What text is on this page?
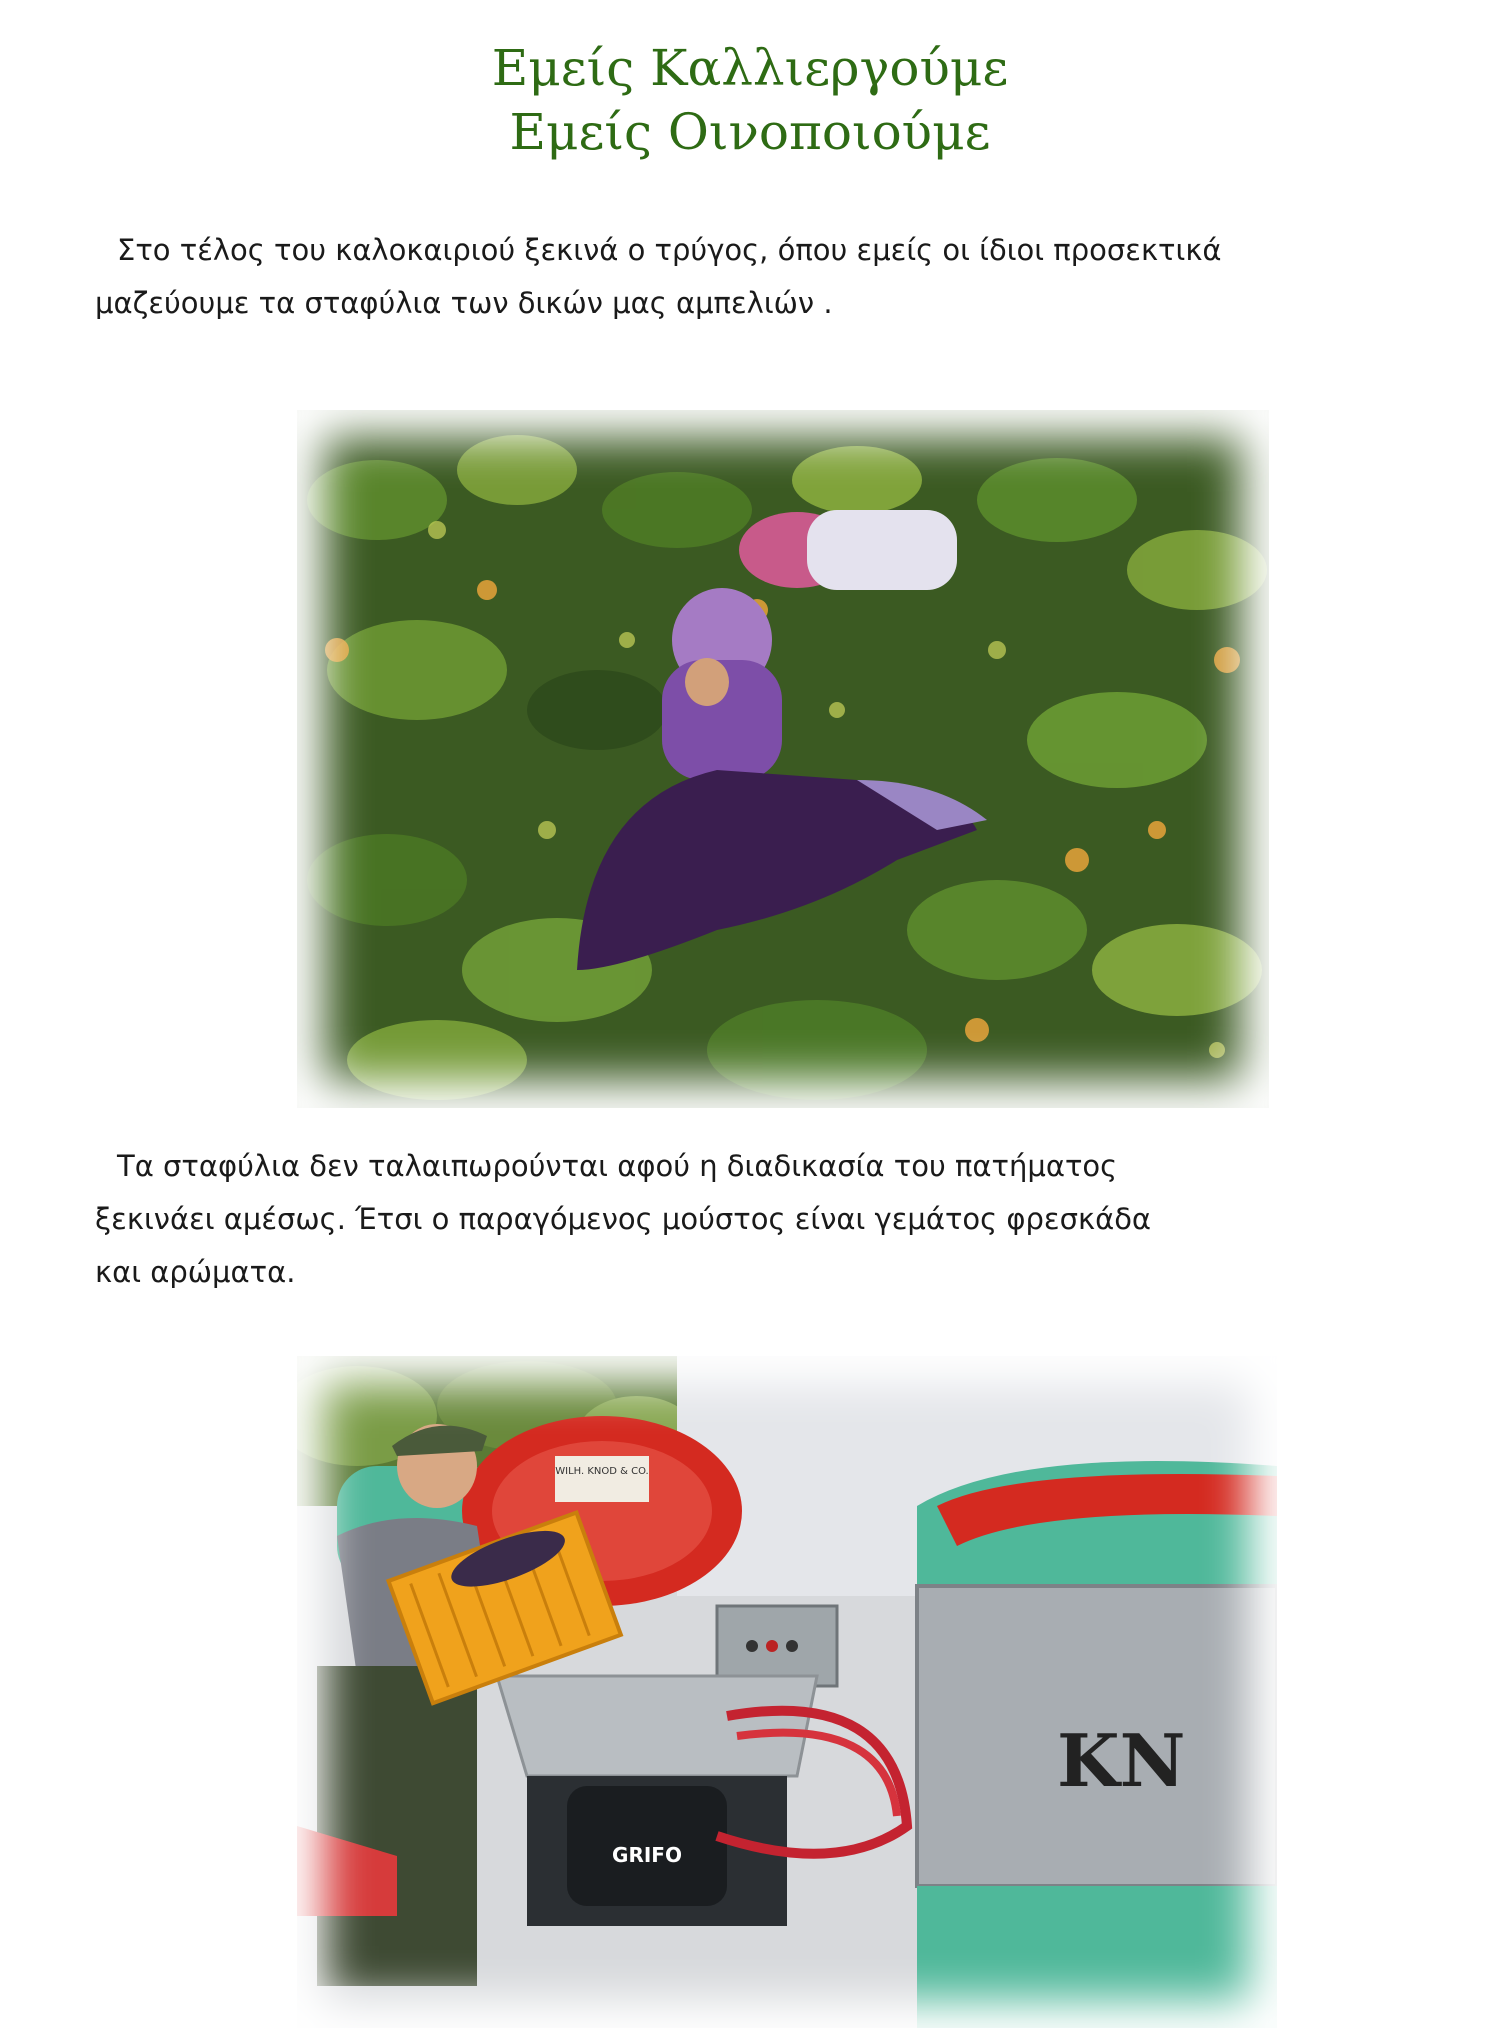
Εμείς Καλλιεργούμε
Εμείς Οινοποιούμε
Στο τέλος του καλοκαιριού ξεκινά ο τρύγος, όπου εμείς οι ίδιοι προσεκτικά
μαζεύουμε τα σταφύλια των δικών μας αμπελιών .
Τα σταφύλια δεν ταλαιπωρούνται αφού η διαδικασία του πατήματος
ξεκινάει αμέσως. Έτσι ο παραγόμενος μούστος είναι γεμάτος φρεσκάδα
και αρώματα.
WILH. KNOD & CO.
GRIFO
KN
